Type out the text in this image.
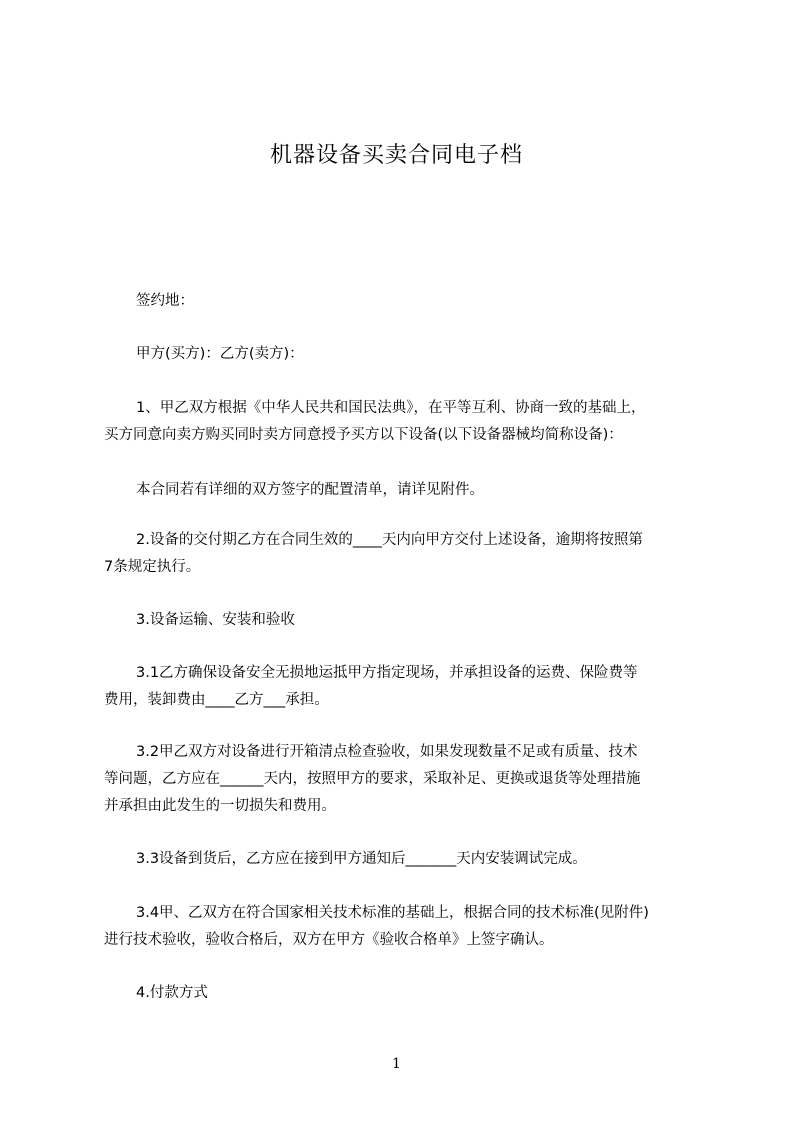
机器设备买卖合同电子档
签约地：
甲方(买方)：乙方(卖方)：
1、甲乙双方根据《中华人民共和国民法典》，在平等互利、协商一致的基础上，
买方同意向卖方购买同时卖方同意授予买方以下设备(以下设备器械均简称设备)：
本合同若有详细的双方签字的配置清单，请详见附件。
2.设备的交付期乙方在合同生效的____天内向甲方交付上述设备，逾期将按照第
7条规定执行。
3.设备运输、安装和验收
3.1乙方确保设备安全无损地运抵甲方指定现场，并承担设备的运费、保险费等
费用，装卸费由____乙方___承担。
3.2甲乙双方对设备进行开箱清点检查验收，如果发现数量不足或有质量、技术
等问题，乙方应在______天内，按照甲方的要求，采取补足、更换或退货等处理措施
并承担由此发生的一切损失和费用。
3.3设备到货后，乙方应在接到甲方通知后_______天内安装调试完成。
3.4甲、乙双方在符合国家相关技术标准的基础上，根据合同的技术标准(见附件)
进行技术验收，验收合格后，双方在甲方《验收合格单》上签字确认。
4.付款方式
1
